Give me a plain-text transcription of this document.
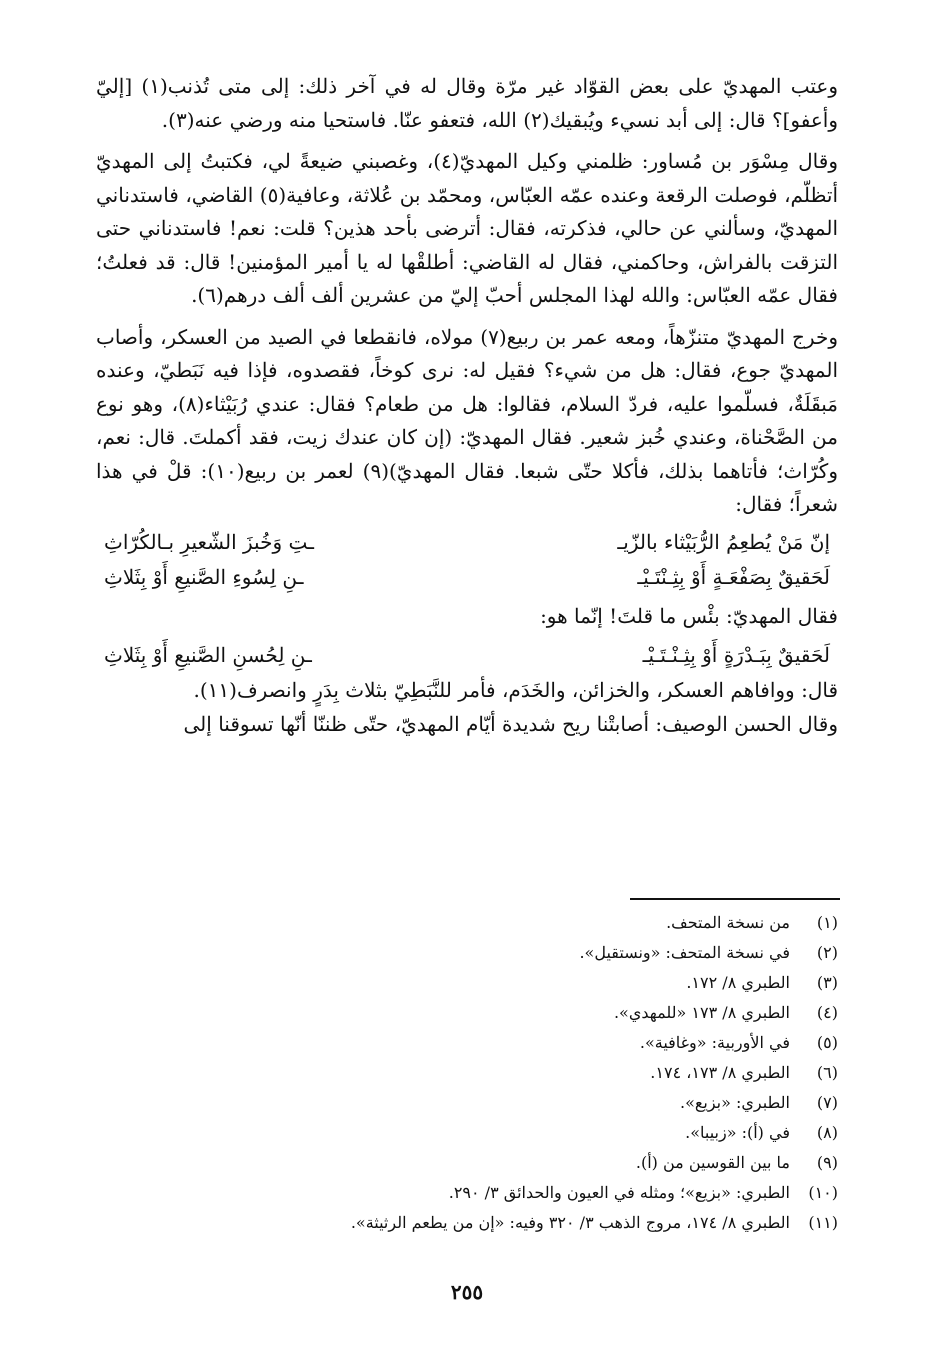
وعتب المهديّ على بعض القوّاد غير مرّة وقال له في آخر ذلك: إلى متى تُذنب(١) [إليّ وأعفو]؟ قال: إلى أبد نسيء ويُبقيك(٢) الله، فتعفو عنّا. فاستحيا منه ورضي عنه(٣).

وقال مِسْوَر بن مُساور: ظلمني وكيل المهديّ(٤)، وغصبني ضيعةً لي، فكتبتُ إلى المهديّ أتظلّم، فوصلت الرقعة وعنده عمّه العبّاس، ومحمّد بن عُلاثة، وعافية(٥) القاضي، فاستدناني المهديّ، وسألني عن حالي، فذكرته، فقال: أترضى بأحد هذين؟ قلت: نعم! فاستدناني حتى التزقت بالفراش، وحاكمني، فقال له القاضي: أطلقْها له يا أمير المؤمنين! قال: قد فعلتُ؛ فقال عمّه العبّاس: والله لهذا المجلس أحبّ إليّ من عشرين ألف ألف درهم(٦).

وخرج المهديّ متنزّهاً، ومعه عمر بن ربيع(٧) مولاه، فانقطعا في الصيد من العسكر، وأصاب المهديّ جوع، فقال: هل من شيء؟ فقيل له: نرى كوخاً، فقصدوه، فإذا فيه نَبَطيّ، وعنده مَبقَلَةٌ، فسلّموا عليه، فردّ السلام، فقالوا: هل من طعام؟ فقال: عندي رُبَيْثاء(٨)، وهو نوع من الصَّحْناة، وعندي خُبز شعير. فقال المهديّ: (إن كان عندك زيت، فقد أكملتَ. قال: نعم، وكُرّاث؛ فأتاهما بذلك، فأكلا حتّى شبعا. فقال المهديّ)(٩) لعمر بن ربيع(١٠): قلْ في هذا شعراً؛ فقال:

إنّ مَنْ يُطعِمُ الرُّبَيْثاء بالزّيـ
ـتِ وَخُبزَ الشّعيرِ بـالكُرّاثِ
لَحَقيقٌ بِصَفْعَـةٍ أَوْ بِثِـنْتَـيْـ
ـنِ لِسُوءِ الصَّنيعِ أَوْ بِثَلاثِ

فقال المهديّ: بئْس ما قلتَ! إنّما هو:

لَحَقيقٌ بِبَـدْرَةٍ أَوْ بِثِـنْـتَـيْـ
ـنِ لِحُسنِ الصَّنيعِ أَوْ بِثَلاثِ

قال: ووافاهم العسكر، والخزائن، والخَدَم، فأمر للنَّبَطِيّ بثلاث بِدَرٍ وانصرف(١١).

وقال الحسن الوصيف: أصابتْنا ريح شديدة أيّام المهديّ، حتّى ظننّا أنّها تسوقنا إلى

(١)
من نسخة المتحف.
(٢)
في نسخة المتحف: «ونستقيل».
(٣)
الطبري ٨/ ١٧٢.
(٤)
الطبري ٨/ ١٧٣ «للمهدي».
(٥)
في الأوربية: «وغافية».
(٦)
الطبري ٨/ ١٧٣، ١٧٤.
(٧)
الطبري: «بزيع».
(٨)
في (أ): «زبيبا».
(٩)
ما بين القوسين من (أ).
(١٠)
الطبري: «بزيع»؛ ومثله في العيون والحدائق ٣/ ٢٩٠.
(١١)
الطبري ٨/ ١٧٤، مروج الذهب ٣/ ٣٢٠ وفيه: «إن من يطعم الرثيثة».
٢٥٥
